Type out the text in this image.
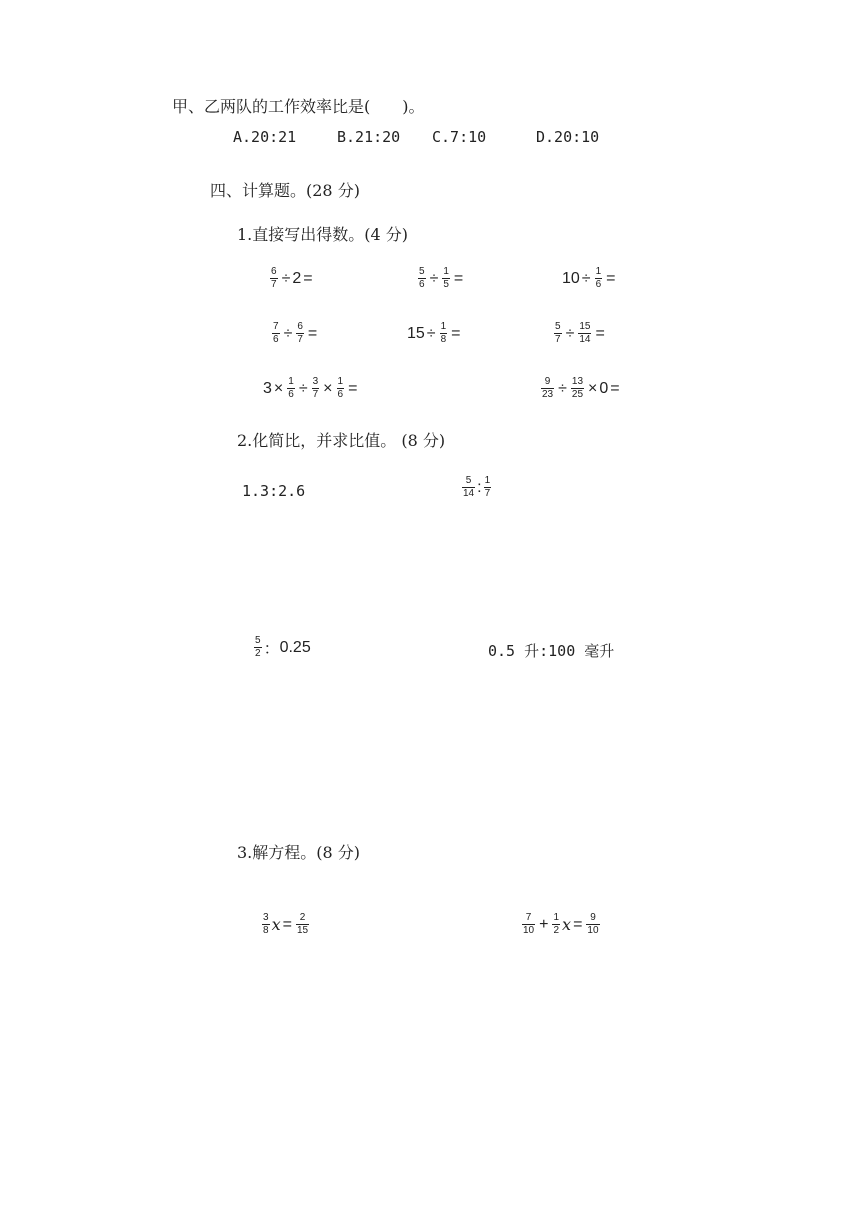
甲、乙两队的工作效率比是(　　)。
A.20:21	B.21:20 C.7:10	D.20:10
四、计算题。(28 分)
1.直接写出得数。(4 分)
$\frac{6}{7} \div 2$ =	$\frac{5}{6} \div \frac{1}{5}$ =	$10 \div \frac{1}{6}$ =
$\frac{7}{6} \div \frac{6}{7}$ =	$15 \div \frac{1}{8}$ =	$\frac{5}{7} \div \frac{15}{14}$ =
$3 \times \frac{1}{6} \div \frac{3}{7} \times \frac{1}{6}$ =	$\frac{9}{23} \div \frac{13}{25} \times 0$ =
2.化简比，并求比值。 (8 分)
1.3:2.6	$\frac{5}{14}$ : $\frac{1}{7}$
$\frac{5}{2}$ ： 0.25	0.5 升:100 毫升
3.解方程。(8 分)
$\frac{3}{8}$ $x = \frac{2}{15}$	$\frac{7}{10} + \frac{1}{2}$ $x = \frac{9}{10}$
